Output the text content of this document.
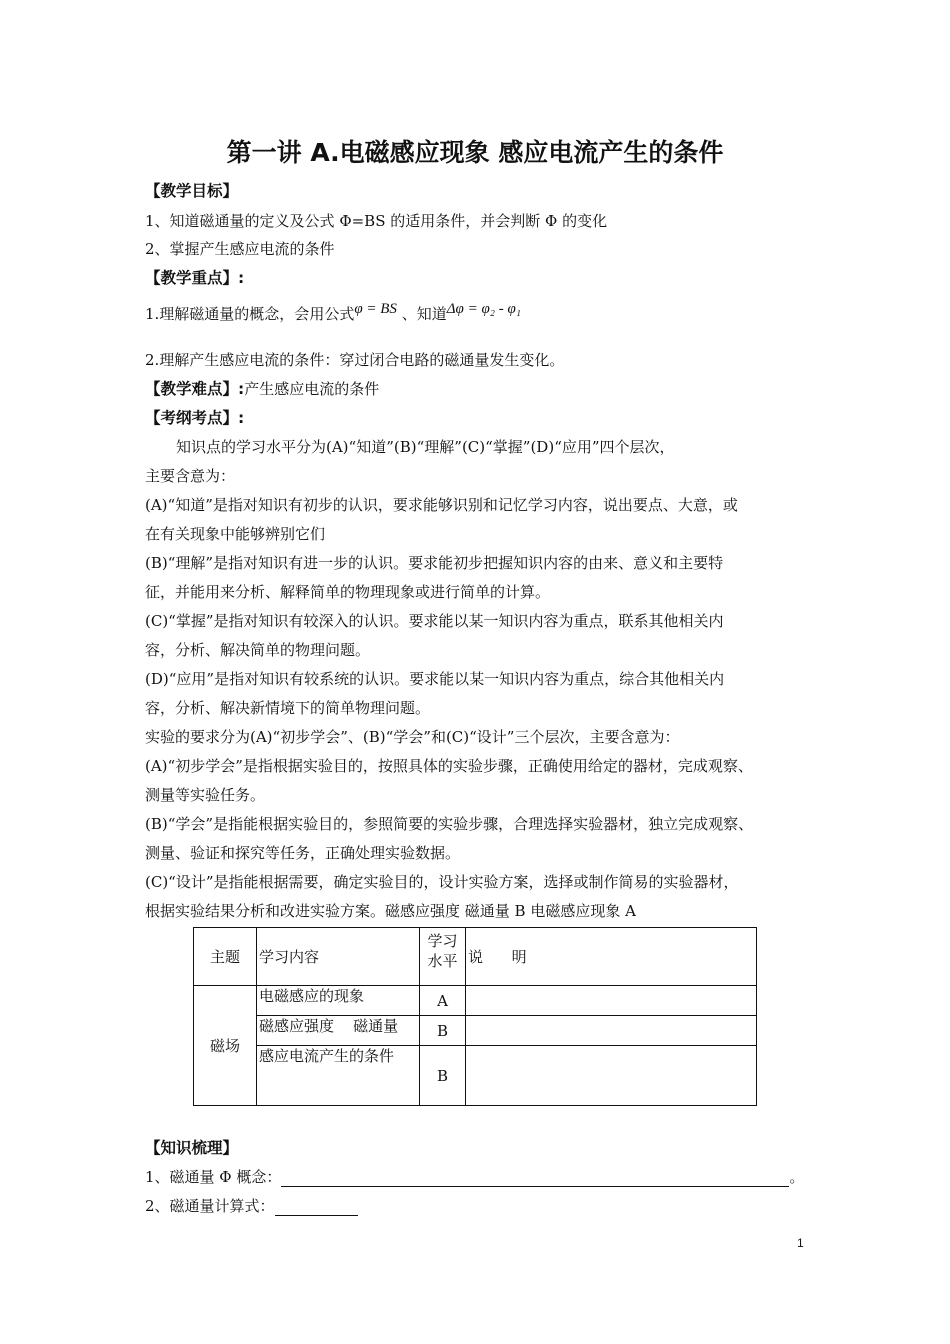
第一讲 A.电磁感应现象 感应电流产生的条件
【教学目标】
1、知道磁通量的定义及公式 Φ=BS 的适用条件，并会判断 Φ 的变化
2、掌握产生感应电流的条件
【教学重点】:
1.理解磁通量的概念，会用公式φ = BS 、知道Δφ = φ₂ - φ₁
2.理解产生感应电流的条件：穿过闭合电路的磁通量发生变化。
【教学难点】:产生感应电流的条件
【考纲考点】:
知识点的学习水平分为(A)“知道”(B)“理解”(C)“掌握”(D)“应用”四个层次，
主要含意为：
(A)“知道”是指对知识有初步的认识，要求能够识别和记忆学习内容，说出要点、大意，或
在有关现象中能够辨别它们
(B)“理解”是指对知识有进一步的认识。要求能初步把握知识内容的由来、意义和主要特
征，并能用来分析、解释简单的物理现象或进行简单的计算。
(C)“掌握”是指对知识有较深入的认识。要求能以某一知识内容为重点，联系其他相关内
容，分析、解决简单的物理问题。
(D)“应用”是指对知识有较系统的认识。要求能以某一知识内容为重点，综合其他相关内
容，分析、解决新情境下的简单物理问题。
实验的要求分为(A)“初步学会”、(B)“学会”和(C)“设计”三个层次，主要含意为：
(A)“初步学会”是指根据实验目的，按照具体的实验步骤，正确使用给定的器材，完成观察、
测量等实验任务。
(B)“学会”是指能根据实验目的，参照简要的实验步骤，合理选择实验器材，独立完成观察、
测量、验证和探究等任务，正确处理实验数据。
(C)“设计”是指能根据需要，确定实验目的，设计实验方案，选择或制作简易的实验器材，
根据实验结果分析和改进实验方案。磁感应强度 磁通量 B 电磁感应现象 A
主题	学习内容	学习水平	说      明
磁场	电磁感应的现象	A	
	磁感应强度    磁通量	B	
	感应电流产生的条件	B	
【知识梳理】
1、磁通量 Φ 概念：	。
2、磁通量计算式：
1
